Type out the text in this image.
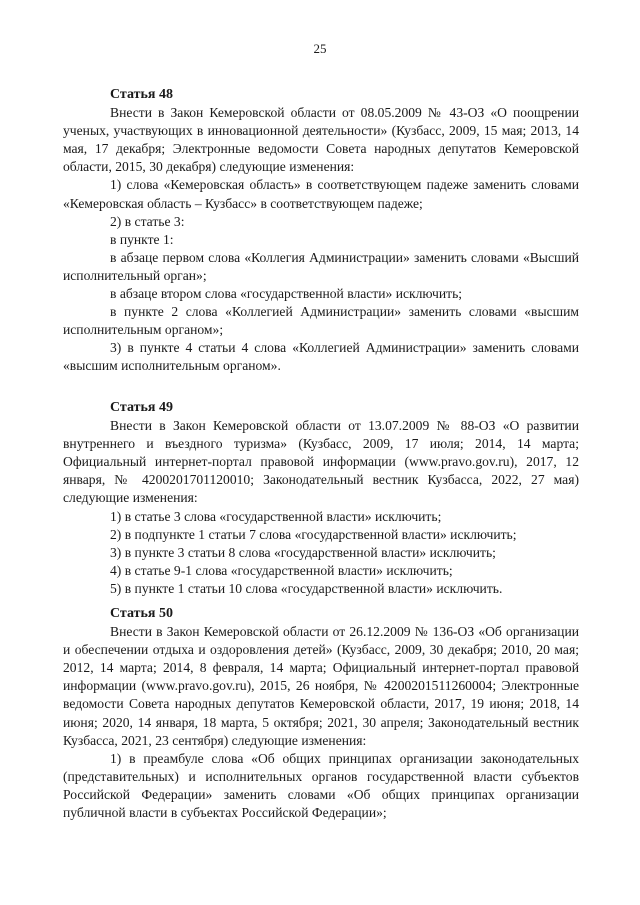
25
Статья 48

Внести в Закон Кемеровской области от 08.05.2009 № 43-ОЗ «О поощрении ученых, участвующих в инновационной деятельности» (Кузбасс, 2009, 15 мая; 2013, 14 мая, 17 декабря; Электронные ведомости Совета народных депутатов Кемеровской области, 2015, 30 декабря) следующие изменения:

1) слова «Кемеровская область» в соответствующем падеже заменить словами «Кемеровская область – Кузбасс» в соответствующем падеже;

2) в статье 3:

в пункте 1:

в абзаце первом слова «Коллегия Администрации» заменить словами «Высший исполнительный орган»;

в абзаце втором слова «государственной власти» исключить;

в пункте 2 слова «Коллегией Администрации» заменить словами «высшим исполнительным органом»;

3) в пункте 4 статьи 4 слова «Коллегией Администрации» заменить словами «высшим исполнительным органом».

Статья 49

Внести в Закон Кемеровской области от 13.07.2009 № 88-ОЗ «О развитии внутреннего и въездного туризма» (Кузбасс, 2009, 17 июля; 2014, 14 марта; Официальный интернет-портал правовой информации (www.pravo.gov.ru), 2017, 12 января, № 4200201701120010; Законодательный вестник Кузбасса, 2022, 27 мая) следующие изменения:

1) в статье 3 слова «государственной власти» исключить;

2) в подпункте 1 статьи 7 слова «государственной власти» исключить;

3) в пункте 3 статьи 8 слова «государственной власти» исключить;

4) в статье 9-1 слова «государственной власти» исключить;

5) в пункте 1 статьи 10 слова «государственной власти» исключить.

Статья 50

Внести в Закон Кемеровской области от 26.12.2009 № 136-ОЗ «Об организации и обеспечении отдыха и оздоровления детей» (Кузбасс, 2009, 30 декабря; 2010, 20 мая; 2012, 14 марта; 2014, 8 февраля, 14 марта; Официальный интернет-портал правовой информации (www.pravo.gov.ru), 2015, 26 ноября, № 4200201511260004; Электронные ведомости Совета народных депутатов Кемеровской области, 2017, 19 июня; 2018, 14 июня; 2020, 14 января, 18 марта, 5 октября; 2021, 30 апреля; Законодательный вестник Кузбасса, 2021, 23 сентября) следующие изменения:

1) в преамбуле слова «Об общих принципах организации законодательных (представительных) и исполнительных органов государственной власти субъектов Российской Федерации» заменить словами «Об общих принципах организации публичной власти в субъектах Российской Федерации»;
